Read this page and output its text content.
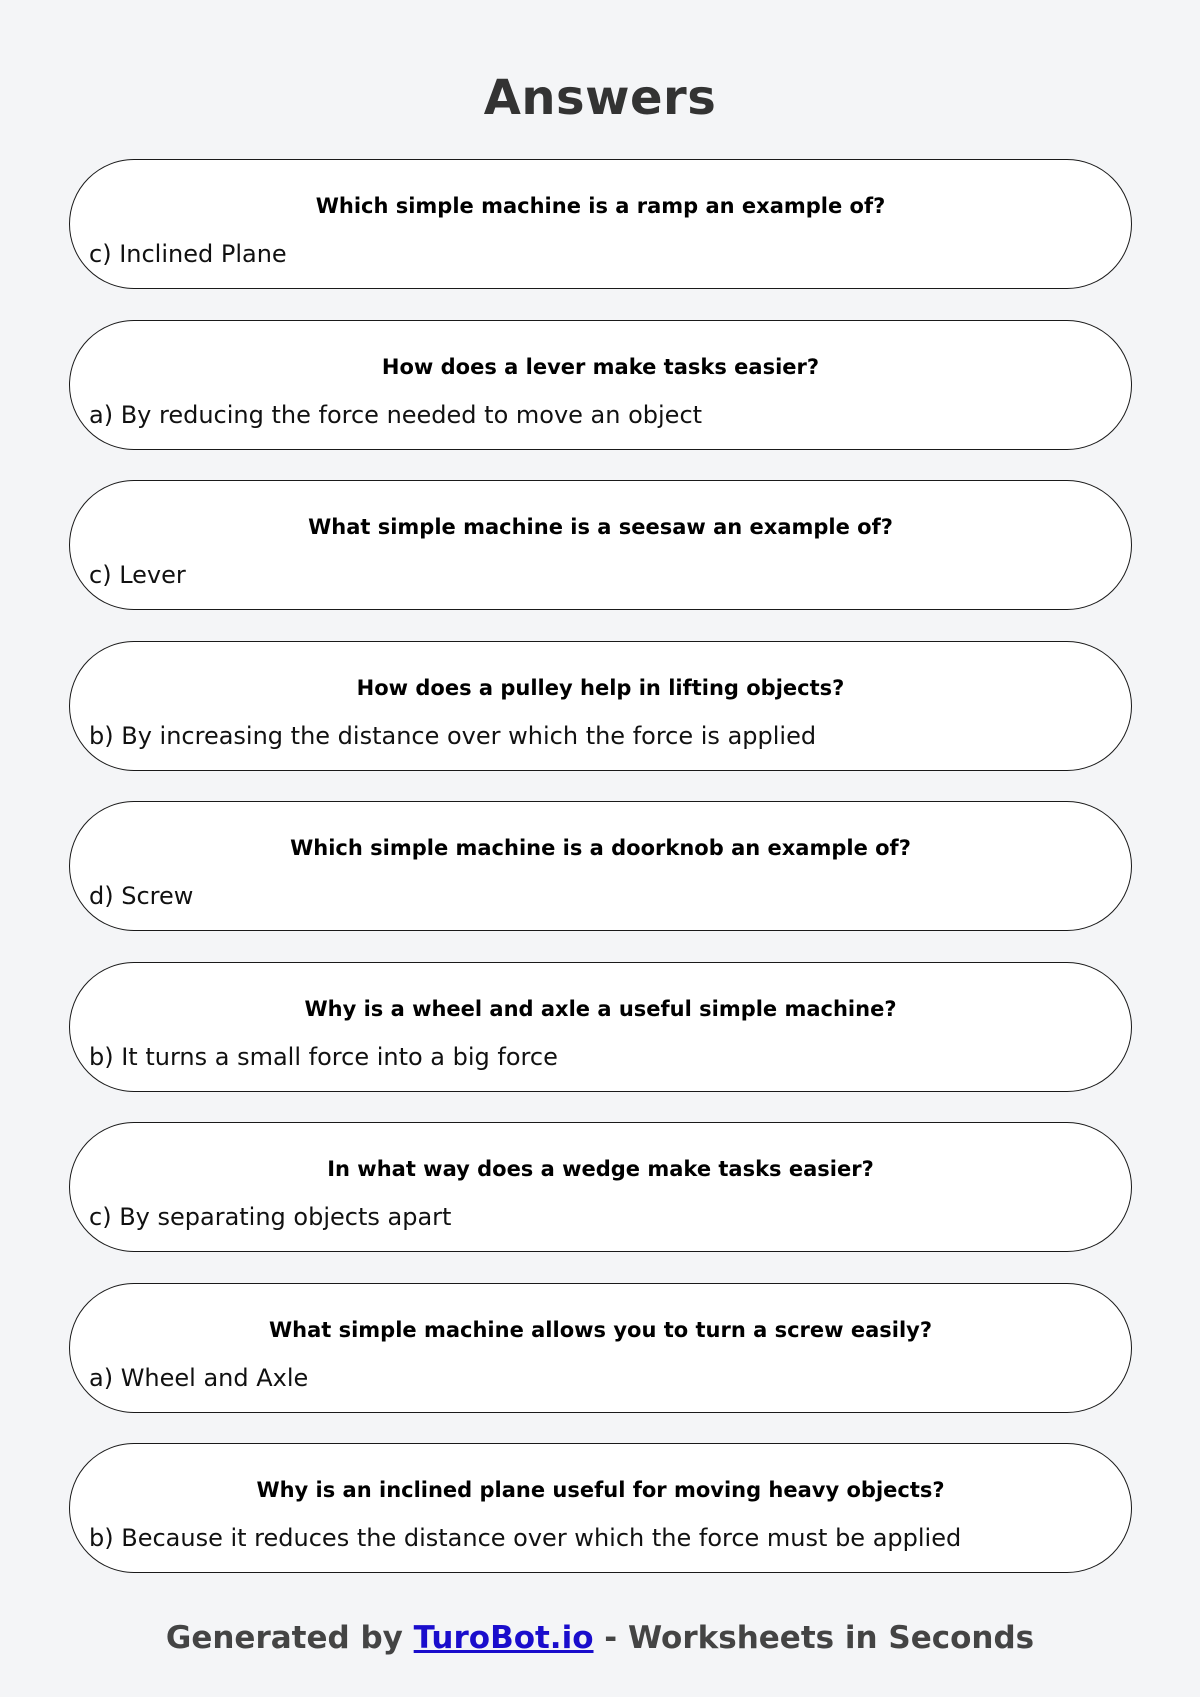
Answers
Which simple machine is a ramp an example of?
c) Inclined Plane
How does a lever make tasks easier?
a) By reducing the force needed to move an object
What simple machine is a seesaw an example of?
c) Lever
How does a pulley help in lifting objects?
b) By increasing the distance over which the force is applied
Which simple machine is a doorknob an example of?
d) Screw
Why is a wheel and axle a useful simple machine?
b) It turns a small force into a big force
In what way does a wedge make tasks easier?
c) By separating objects apart
What simple machine allows you to turn a screw easily?
a) Wheel and Axle
Why is an inclined plane useful for moving heavy objects?
b) Because it reduces the distance over which the force must be applied
Generated by TuroBot.io - Worksheets in Seconds
